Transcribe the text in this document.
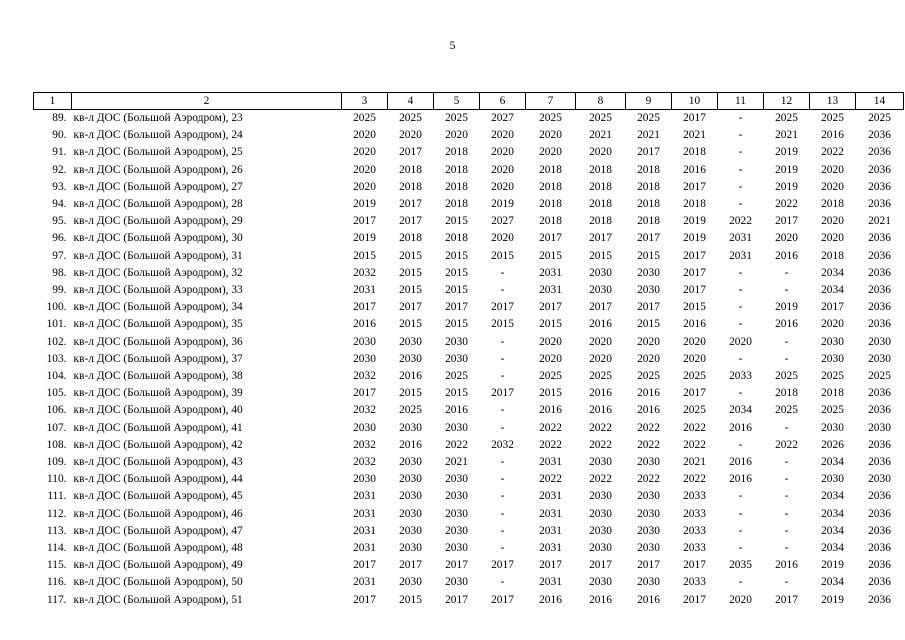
5
1	2	3	4	5	6	7	8	9	10	11	12	13	14
89.	кв-л ДОС (Большой Аэродром), 23	2025	2025	2025	2027	2025	2025	2025	2017	-	2025	2025	2025
90.	кв-л ДОС (Большой Аэродром), 24	2020	2020	2020	2020	2020	2021	2021	2021	-	2021	2016	2036
91.	кв-л ДОС (Большой Аэродром), 25	2020	2017	2018	2020	2020	2020	2017	2018	-	2019	2022	2036
92.	кв-л ДОС (Большой Аэродром), 26	2020	2018	2018	2020	2018	2018	2018	2016	-	2019	2020	2036
93.	кв-л ДОС (Большой Аэродром), 27	2020	2018	2018	2020	2018	2018	2018	2017	-	2019	2020	2036
94.	кв-л ДОС (Большой Аэродром), 28	2019	2017	2018	2019	2018	2018	2018	2018	-	2022	2018	2036
95.	кв-л ДОС (Большой Аэродром), 29	2017	2017	2015	2027	2018	2018	2018	2019	2022	2017	2020	2021
96.	кв-л ДОС (Большой Аэродром), 30	2019	2018	2018	2020	2017	2017	2017	2019	2031	2020	2020	2036
97.	кв-л ДОС (Большой Аэродром), 31	2015	2015	2015	2015	2015	2015	2015	2017	2031	2016	2018	2036
98.	кв-л ДОС (Большой Аэродром), 32	2032	2015	2015	-	2031	2030	2030	2017	-	-	2034	2036
99.	кв-л ДОС (Большой Аэродром), 33	2031	2015	2015	-	2031	2030	2030	2017	-	-	2034	2036
100.	кв-л ДОС (Большой Аэродром), 34	2017	2017	2017	2017	2017	2017	2017	2015	-	2019	2017	2036
101.	кв-л ДОС (Большой Аэродром), 35	2016	2015	2015	2015	2015	2016	2015	2016	-	2016	2020	2036
102.	кв-л ДОС (Большой Аэродром), 36	2030	2030	2030	-	2020	2020	2020	2020	2020	-	2030	2030
103.	кв-л ДОС (Большой Аэродром), 37	2030	2030	2030	-	2020	2020	2020	2020	-	-	2030	2030
104.	кв-л ДОС (Большой Аэродром), 38	2032	2016	2025	-	2025	2025	2025	2025	2033	2025	2025	2025
105.	кв-л ДОС (Большой Аэродром), 39	2017	2015	2015	2017	2015	2016	2016	2017	-	2018	2018	2036
106.	кв-л ДОС (Большой Аэродром), 40	2032	2025	2016	-	2016	2016	2016	2025	2034	2025	2025	2036
107.	кв-л ДОС (Большой Аэродром), 41	2030	2030	2030	-	2022	2022	2022	2022	2016	-	2030	2030
108.	кв-л ДОС (Большой Аэродром), 42	2032	2016	2022	2032	2022	2022	2022	2022	-	2022	2026	2036
109.	кв-л ДОС (Большой Аэродром), 43	2032	2030	2021	-	2031	2030	2030	2021	2016	-	2034	2036
110.	кв-л ДОС (Большой Аэродром), 44	2030	2030	2030	-	2022	2022	2022	2022	2016	-	2030	2030
111.	кв-л ДОС (Большой Аэродром), 45	2031	2030	2030	-	2031	2030	2030	2033	-	-	2034	2036
112.	кв-л ДОС (Большой Аэродром), 46	2031	2030	2030	-	2031	2030	2030	2033	-	-	2034	2036
113.	кв-л ДОС (Большой Аэродром), 47	2031	2030	2030	-	2031	2030	2030	2033	-	-	2034	2036
114.	кв-л ДОС (Большой Аэродром), 48	2031	2030	2030	-	2031	2030	2030	2033	-	-	2034	2036
115.	кв-л ДОС (Большой Аэродром), 49	2017	2017	2017	2017	2017	2017	2017	2017	2035	2016	2019	2036
116.	кв-л ДОС (Большой Аэродром), 50	2031	2030	2030	-	2031	2030	2030	2033	-	-	2034	2036
117.	кв-л ДОС (Большой Аэродром), 51	2017	2015	2017	2017	2016	2016	2016	2017	2020	2017	2019	2036
